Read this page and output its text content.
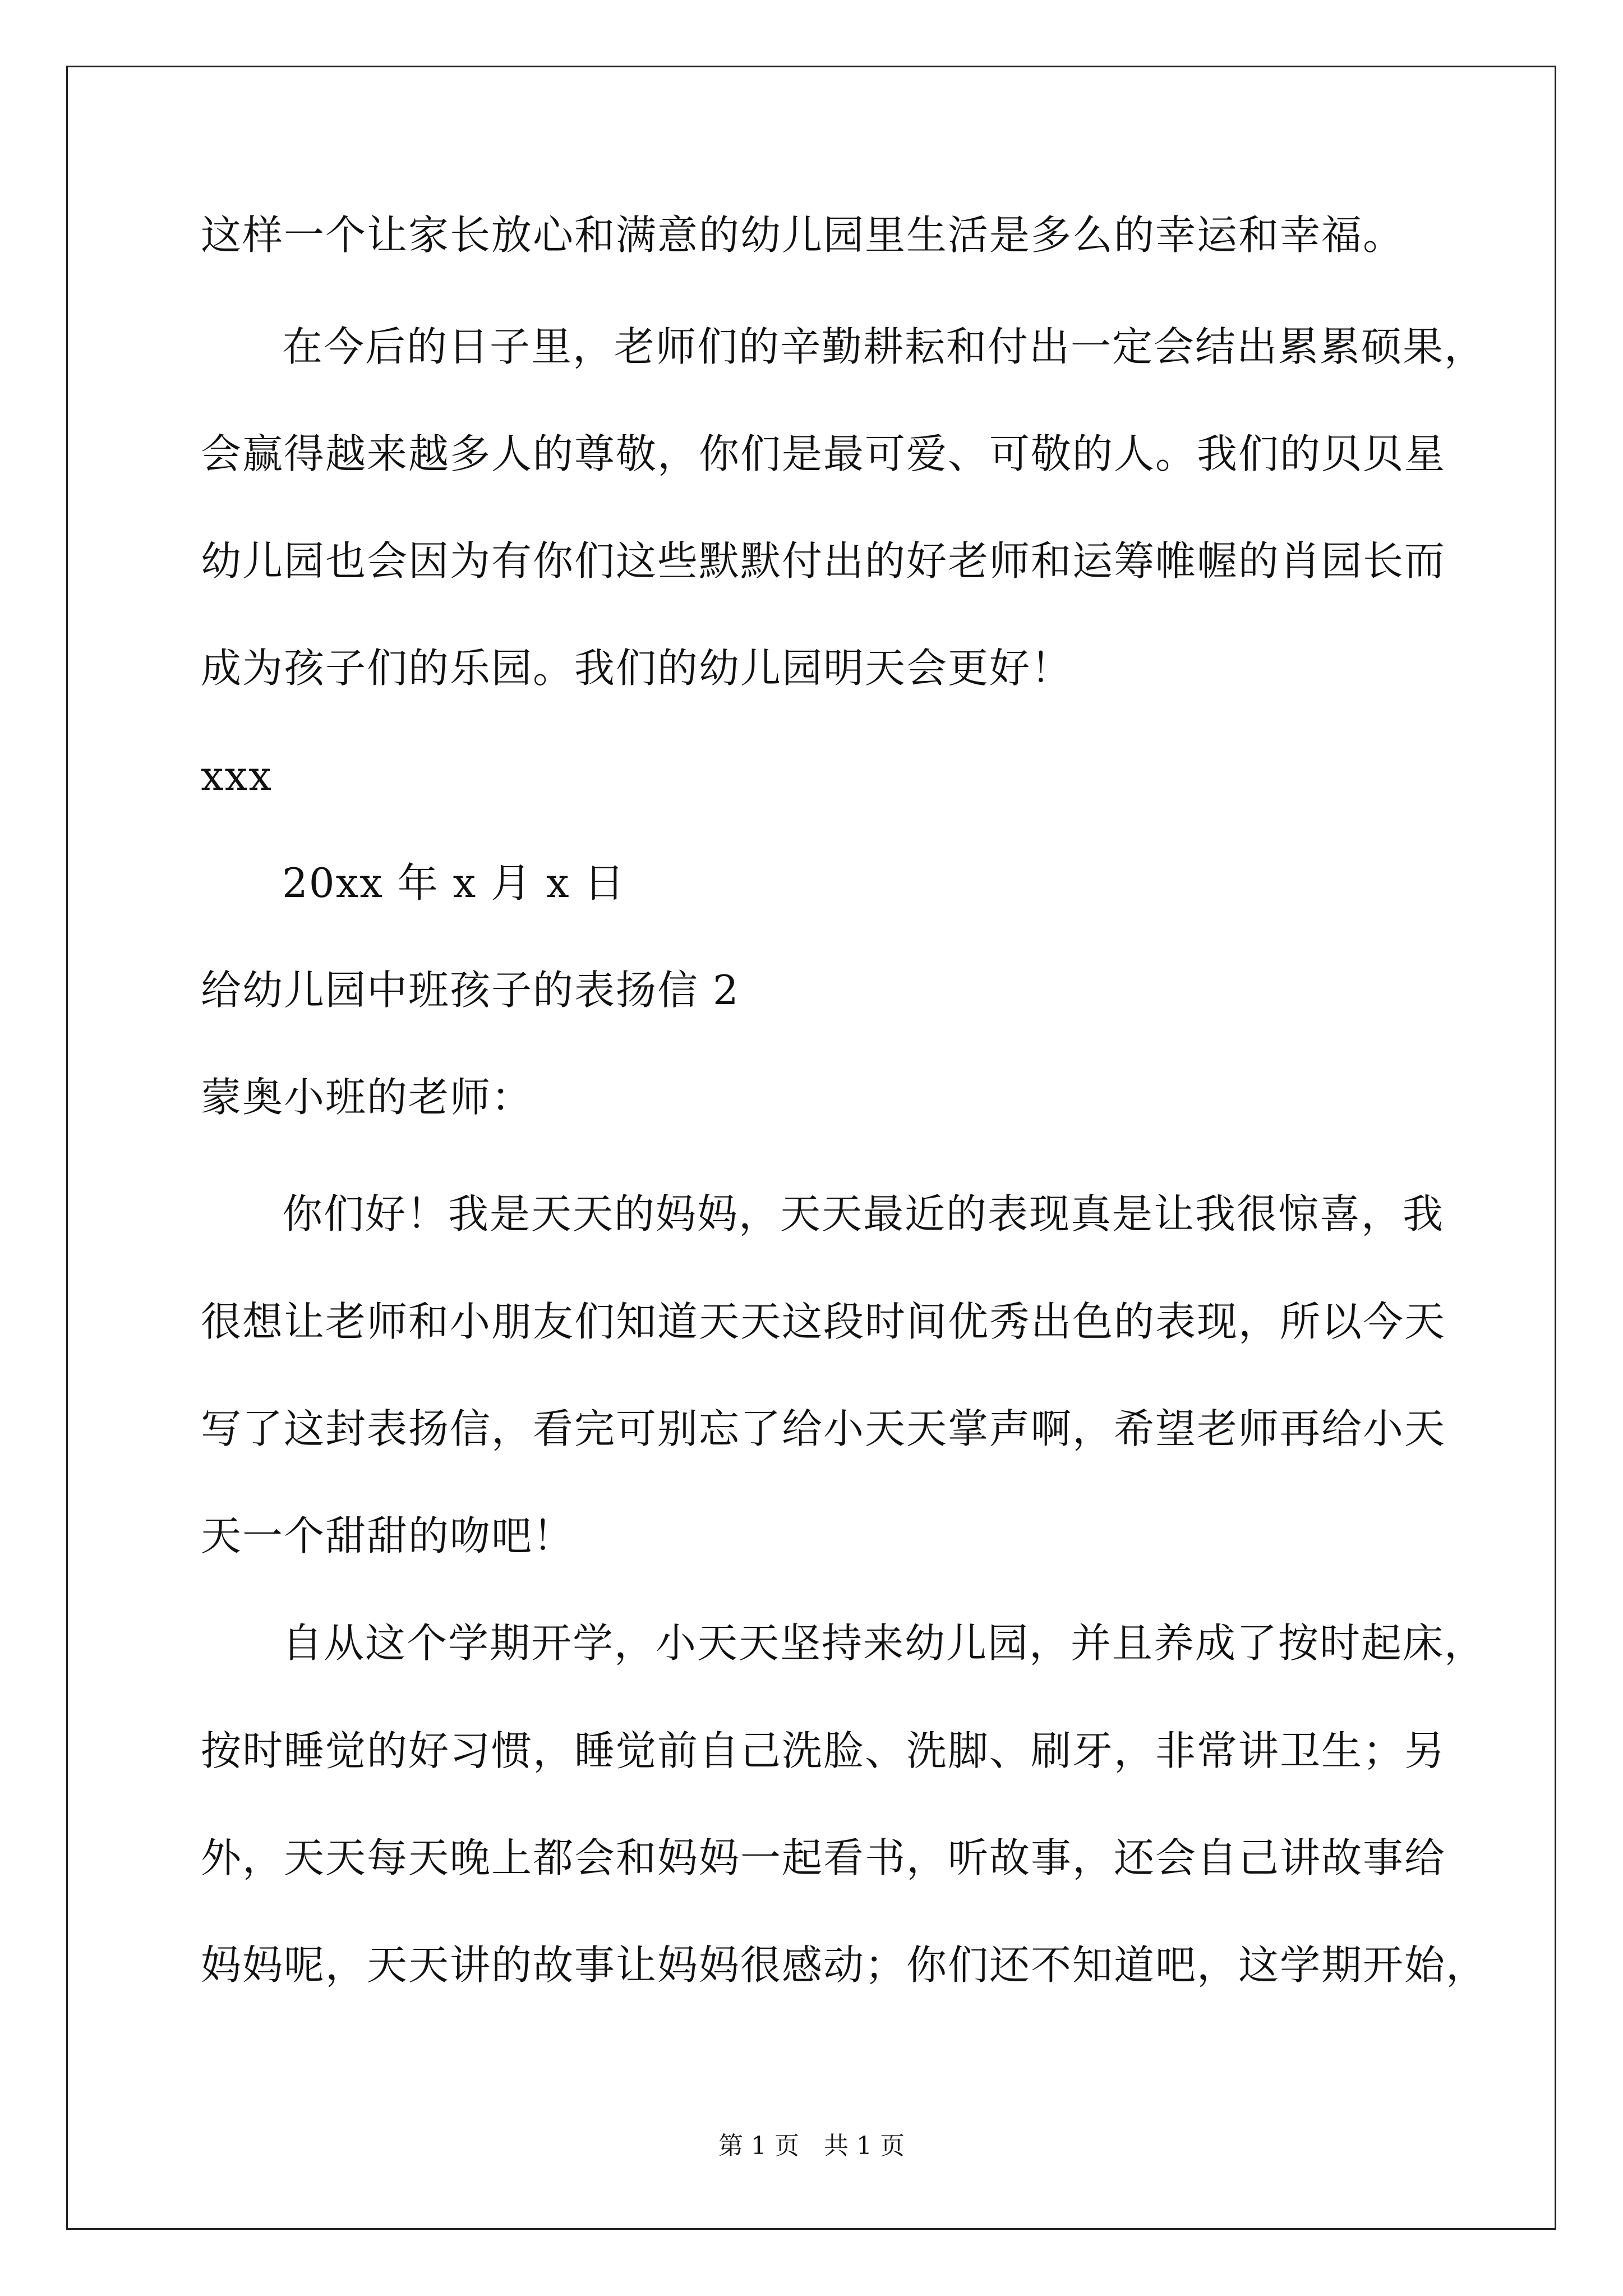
这样一个让家长放心和满意的幼儿园里生活是多么的幸运和幸福。
在今后的日子里，老师们的辛勤耕耘和付出一定会结出累累硕果，
会赢得越来越多人的尊敬，你们是最可爱、可敬的人。我们的贝贝星
幼儿园也会因为有你们这些默默付出的好老师和运筹帷幄的肖园长而
成为孩子们的乐园。我们的幼儿园明天会更好！
xxx
20xx 年 x 月 x 日
给幼儿园中班孩子的表扬信 2
蒙奥小班的老师：
你们好！我是天天的妈妈，天天最近的表现真是让我很惊喜，我
很想让老师和小朋友们知道天天这段时间优秀出色的表现，所以今天
写了这封表扬信，看完可别忘了给小天天掌声啊，希望老师再给小天
天一个甜甜的吻吧！
自从这个学期开学，小天天坚持来幼儿园，并且养成了按时起床，
按时睡觉的好习惯，睡觉前自己洗脸、洗脚、刷牙，非常讲卫生；另
外，天天每天晚上都会和妈妈一起看书，听故事，还会自己讲故事给
妈妈呢，天天讲的故事让妈妈很感动；你们还不知道吧，这学期开始，
第 1 页　共 1 页
